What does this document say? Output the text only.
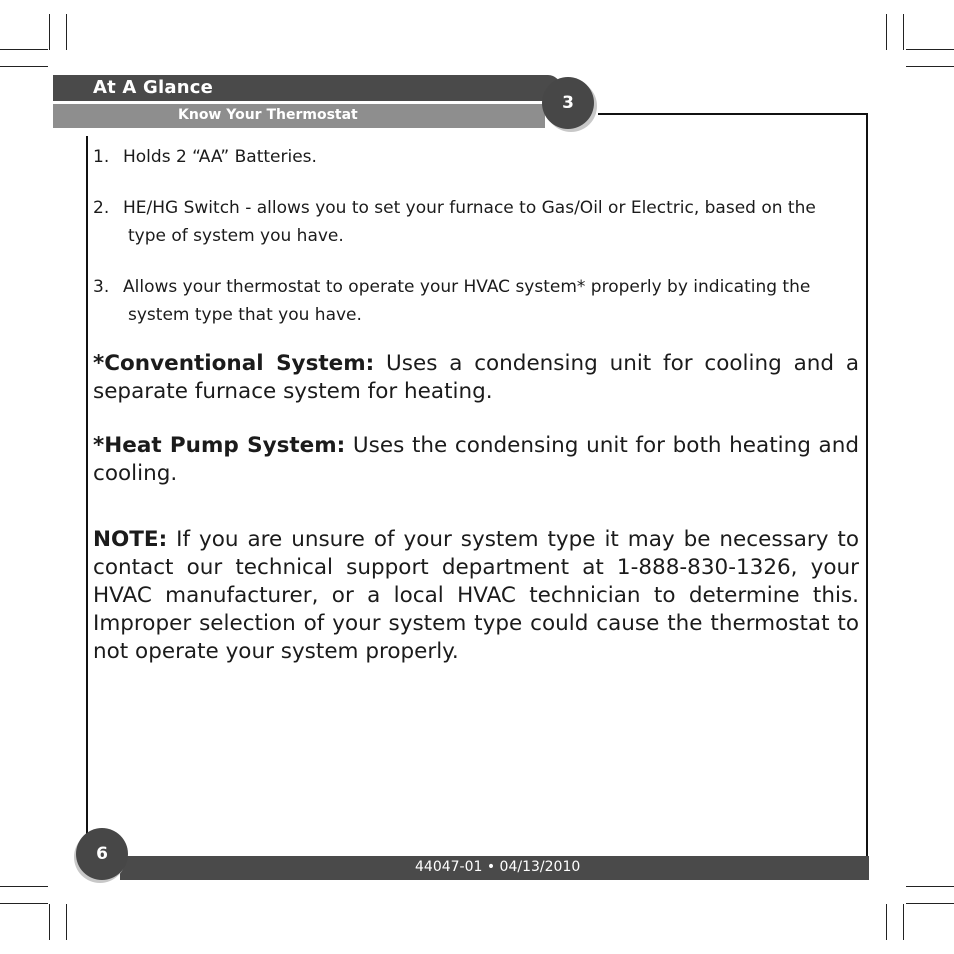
At A Glance
Know Your Thermostat
3

1. Holds 2 “AA” Batteries.

2. HE/HG Switch - allows you to set your furnace to Gas/Oil or Electric, based on the type of system you have.

3. Allows your thermostat to operate your HVAC system* properly by indicating the system type that you have.

*Conventional System: Uses a condensing unit for cooling and a separate furnace system for heating.

*Heat Pump System: Uses the condensing unit for both heating and cooling.

NOTE: If you are unsure of your system type it may be necessary to contact our technical support department at 1-888-830-1326, your HVAC manufacturer, or a local HVAC technician to determine this. Improper selection of your system type could cause the thermostat to not operate your system properly.

44047-01 • 04/13/2010
6
